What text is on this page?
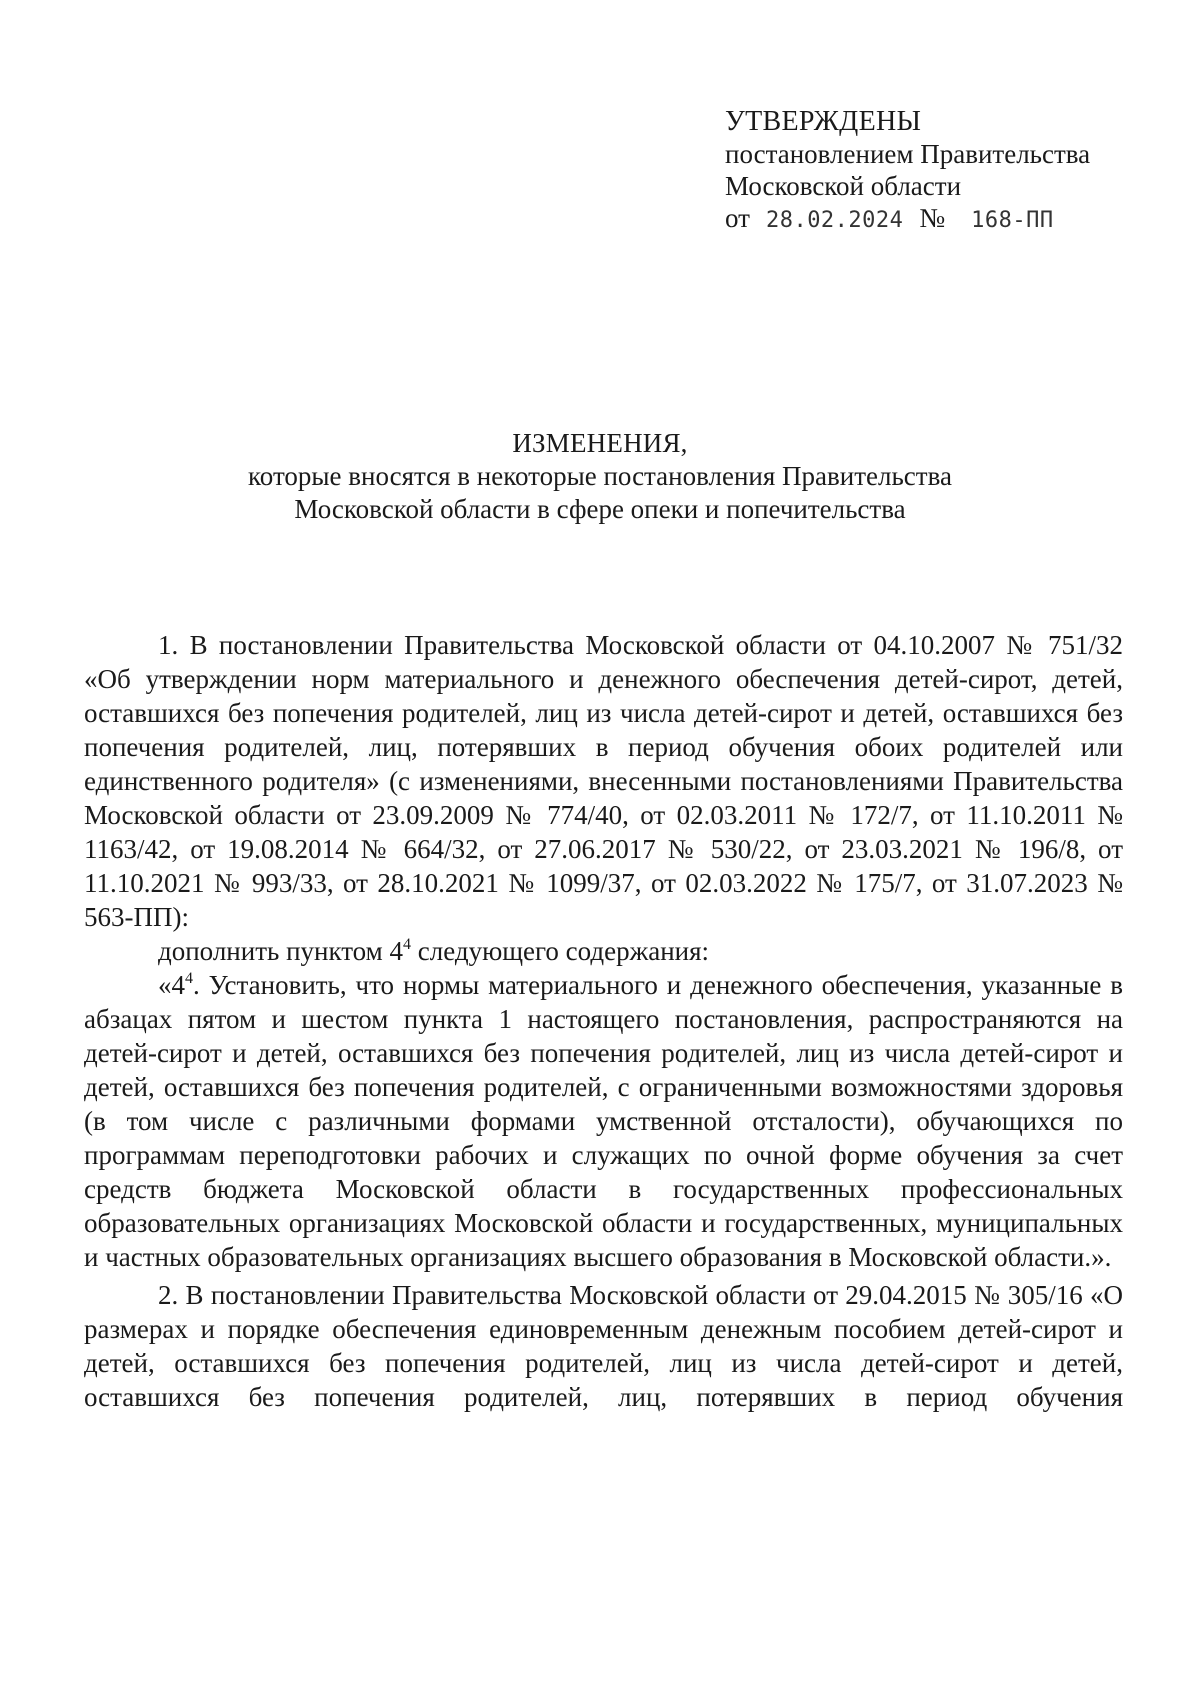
УТВЕРЖДЕНЫ
постановлением Правительства
Московской области
от 28.02.2024 № 168-ПП
ИЗМЕНЕНИЯ,
которые вносятся в некоторые постановления Правительства
Московской области в сфере опеки и попечительства

1. В постановлении Правительства Московской области от 04.10.2007 № 751/32 «Об утверждении норм материального и денежного обеспечения детей-сирот, детей, оставшихся без попечения родителей, лиц из числа детей-сирот и детей, оставшихся без попечения родителей, лиц, потерявших в период обучения обоих родителей или единственного родителя» (с изменениями, внесенными постановлениями Правительства Московской области от 23.09.2009 № 774/40, от 02.03.2011 № 172/7, от 11.10.2011 № 1163/42, от 19.08.2014 № 664/32, от 27.06.2017 № 530/22, от 23.03.2021 № 196/8, от 11.10.2021 № 993/33, от 28.10.2021 № 1099/37, от 02.03.2022 № 175/7, от 31.07.2023 № 563-ПП):

дополнить пунктом $4^4$ следующего содержания:

«$4^4$. Установить, что нормы материального и денежного обеспечения, указанные в абзацах пятом и шестом пункта 1 настоящего постановления, распространяются на детей-сирот и детей, оставшихся без попечения родителей, лиц из числа детей-сирот и детей, оставшихся без попечения родителей, с ограниченными возможностями здоровья (в том числе с различными формами умственной отсталости), обучающихся по программам переподготовки рабочих и служащих по очной форме обучения за счет средств бюджета Московской области в государственных профессиональных образовательных организациях Московской области и государственных, муниципальных и частных образовательных организациях высшего образования в Московской области.».

2. В постановлении Правительства Московской области от 29.04.2015 № 305/16 «О размерах и порядке обеспечения единовременным денежным пособием детей-сирот и детей, оставшихся без попечения родителей, лиц из числа детей-сирот и детей, оставшихся без попечения родителей, лиц, потерявших в период обучения
